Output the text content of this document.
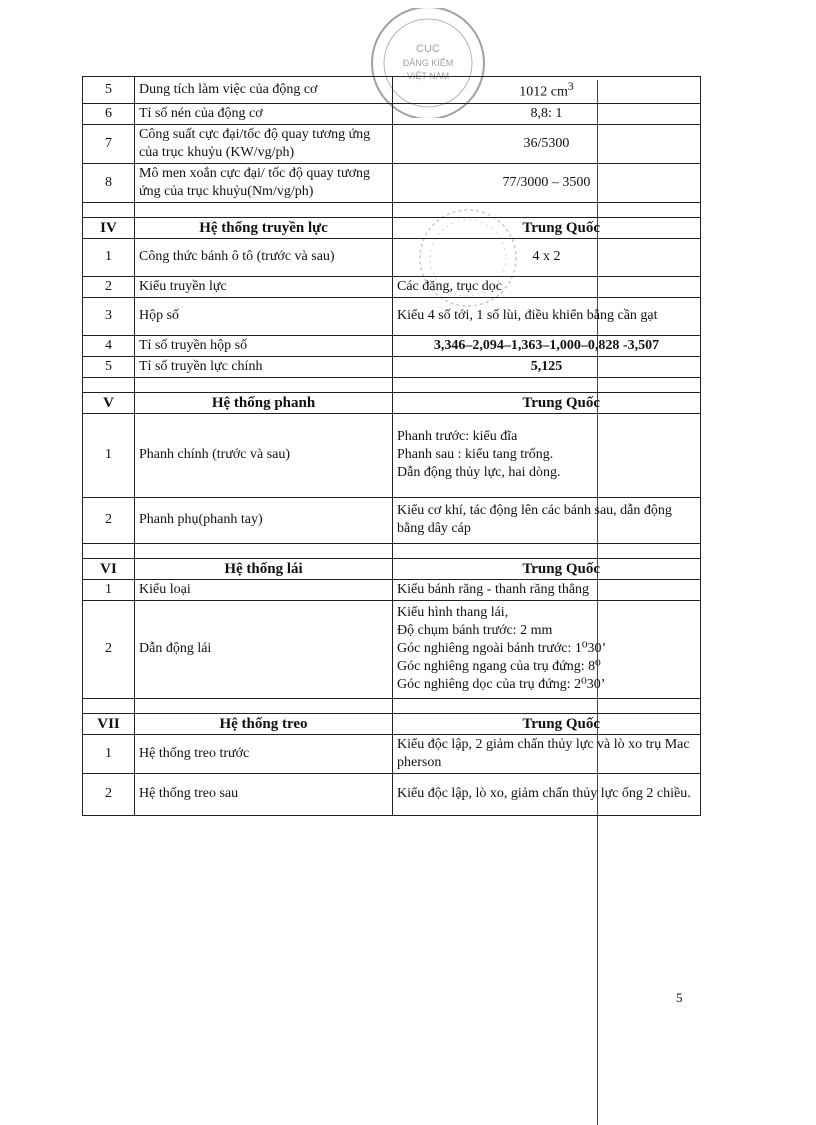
CỤC
ĐĂNG KIỂM
VIỆT NAM
5	Dung tích làm việc của động cơ	1012 $cm^3$
6	Tỉ số nén của động cơ	8,8: 1
7	Công suất cực đại/tốc độ quay tương ứng của trục khuỷu (KW/vg/ph)	36/5300
8	Mô men xoắn cực đại/ tốc độ quay tương ứng của trục khuỷu(Nm/vg/ph)	77/3000 – 3500

IV	Hệ thống truyền lực	Trung Quốc
1	Công thức bánh ô tô (trước và sau)	4 x 2
2	Kiểu truyền lực	Các đăng, trục dọc
3	Hộp số	Kiểu 4 số tới, 1 số lùi, điều khiển bằng cần gạt
4	Tỉ số truyền hộp số	3,346–2,094–1,363–1,000–0,828 -3,507
5	Tỉ số truyền lực chính	5,125

V	Hệ thống phanh	Trung Quốc
1	Phanh chính (trước và sau)	Phanh trước: kiểu đĩa
Phanh sau : kiểu tang trống.
Dẫn động thủy lực, hai dòng.

2	Phanh phụ(phanh tay)	Kiểu cơ khí, tác động lên các bánh sau, dẫn động bằng dây cáp

VI	Hệ thống lái	Trung Quốc
1	Kiểu loại	Kiểu bánh răng - thanh răng thẳng
2	Dẫn động lái	Kiểu hình thang lái,
Độ chụm bánh trước: 2 mm
Góc nghiêng ngoài bánh trước: 1⁰30’
Góc nghiêng ngang của trụ đứng: 8⁰
Góc nghiêng dọc của trụ đứng: 2⁰30’

VII	Hệ thống treo	Trung Quốc
1	Hệ thống treo trước	Kiểu độc lập, 2 giảm chấn thủy lực và lò xo trụ Mac pherson
2	Hệ thống treo sau	Kiểu độc lập, lò xo, giảm chấn thủy lực ống 2 chiều.
5
